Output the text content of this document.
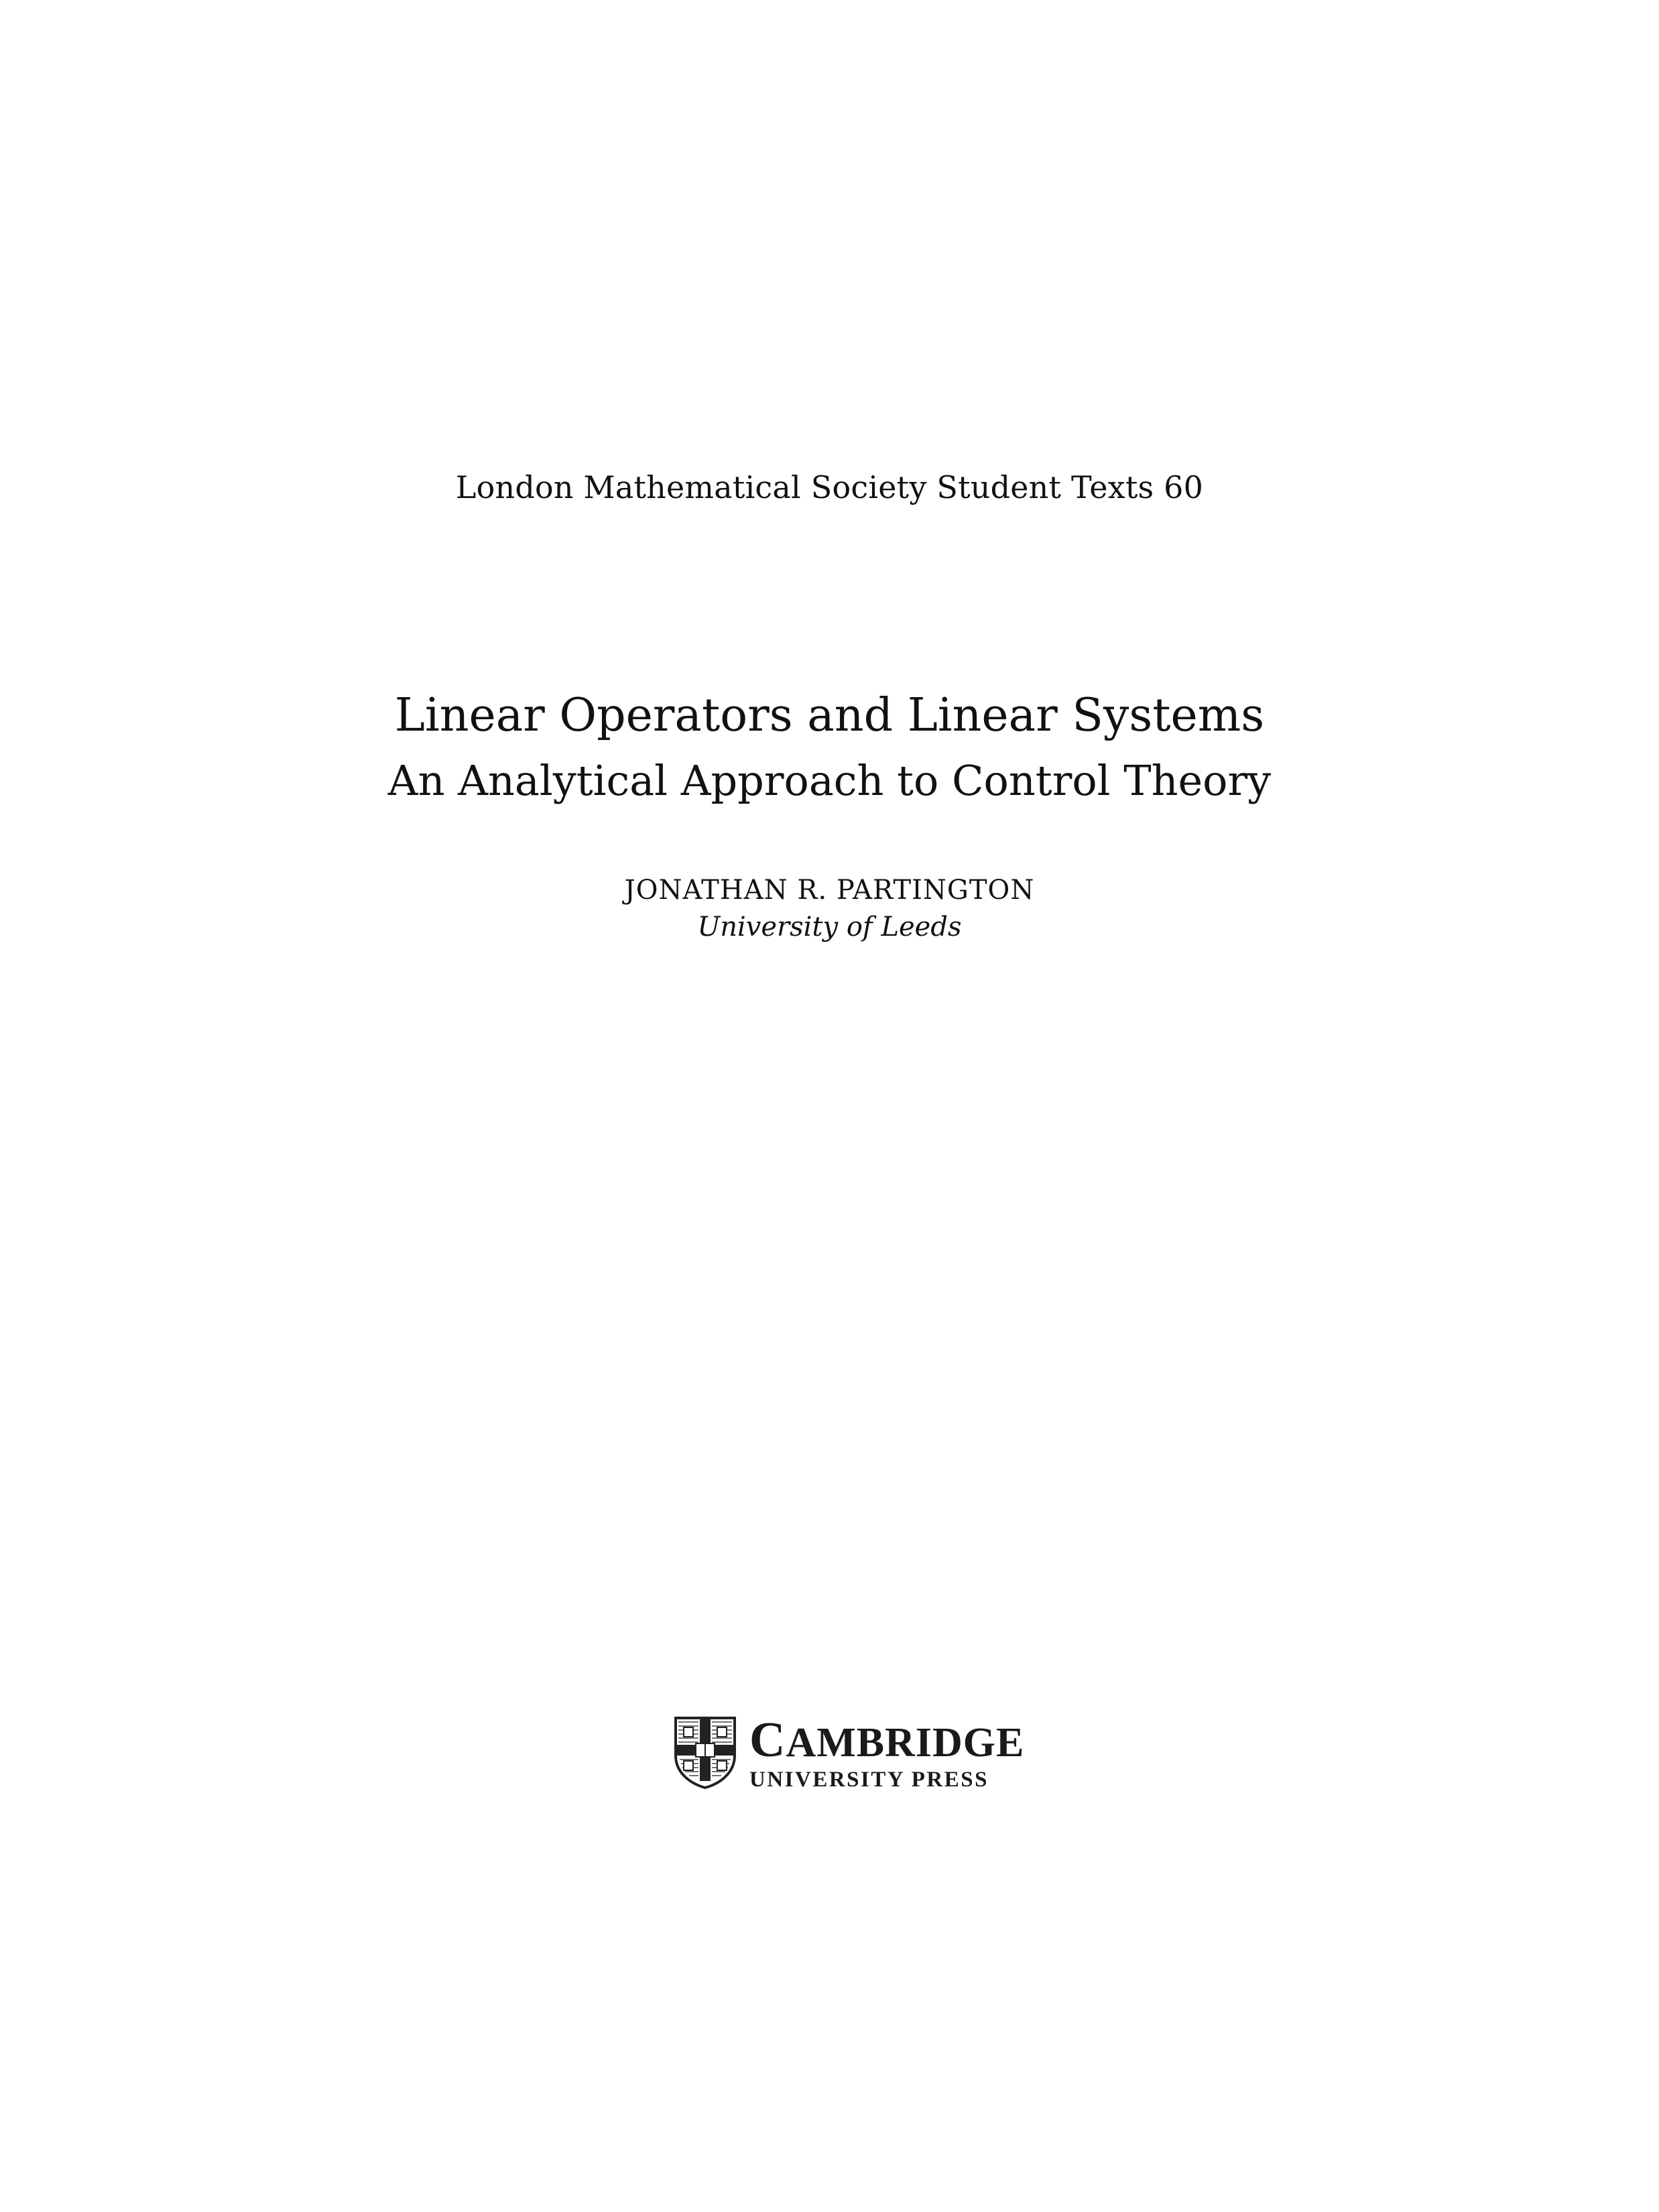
London Mathematical Society Student Texts 60
Linear Operators and Linear Systems
An Analytical Approach to Control Theory
JONATHAN R. PARTINGTON
University of Leeds
CAMBRIDGE
UNIVERSITY PRESS
